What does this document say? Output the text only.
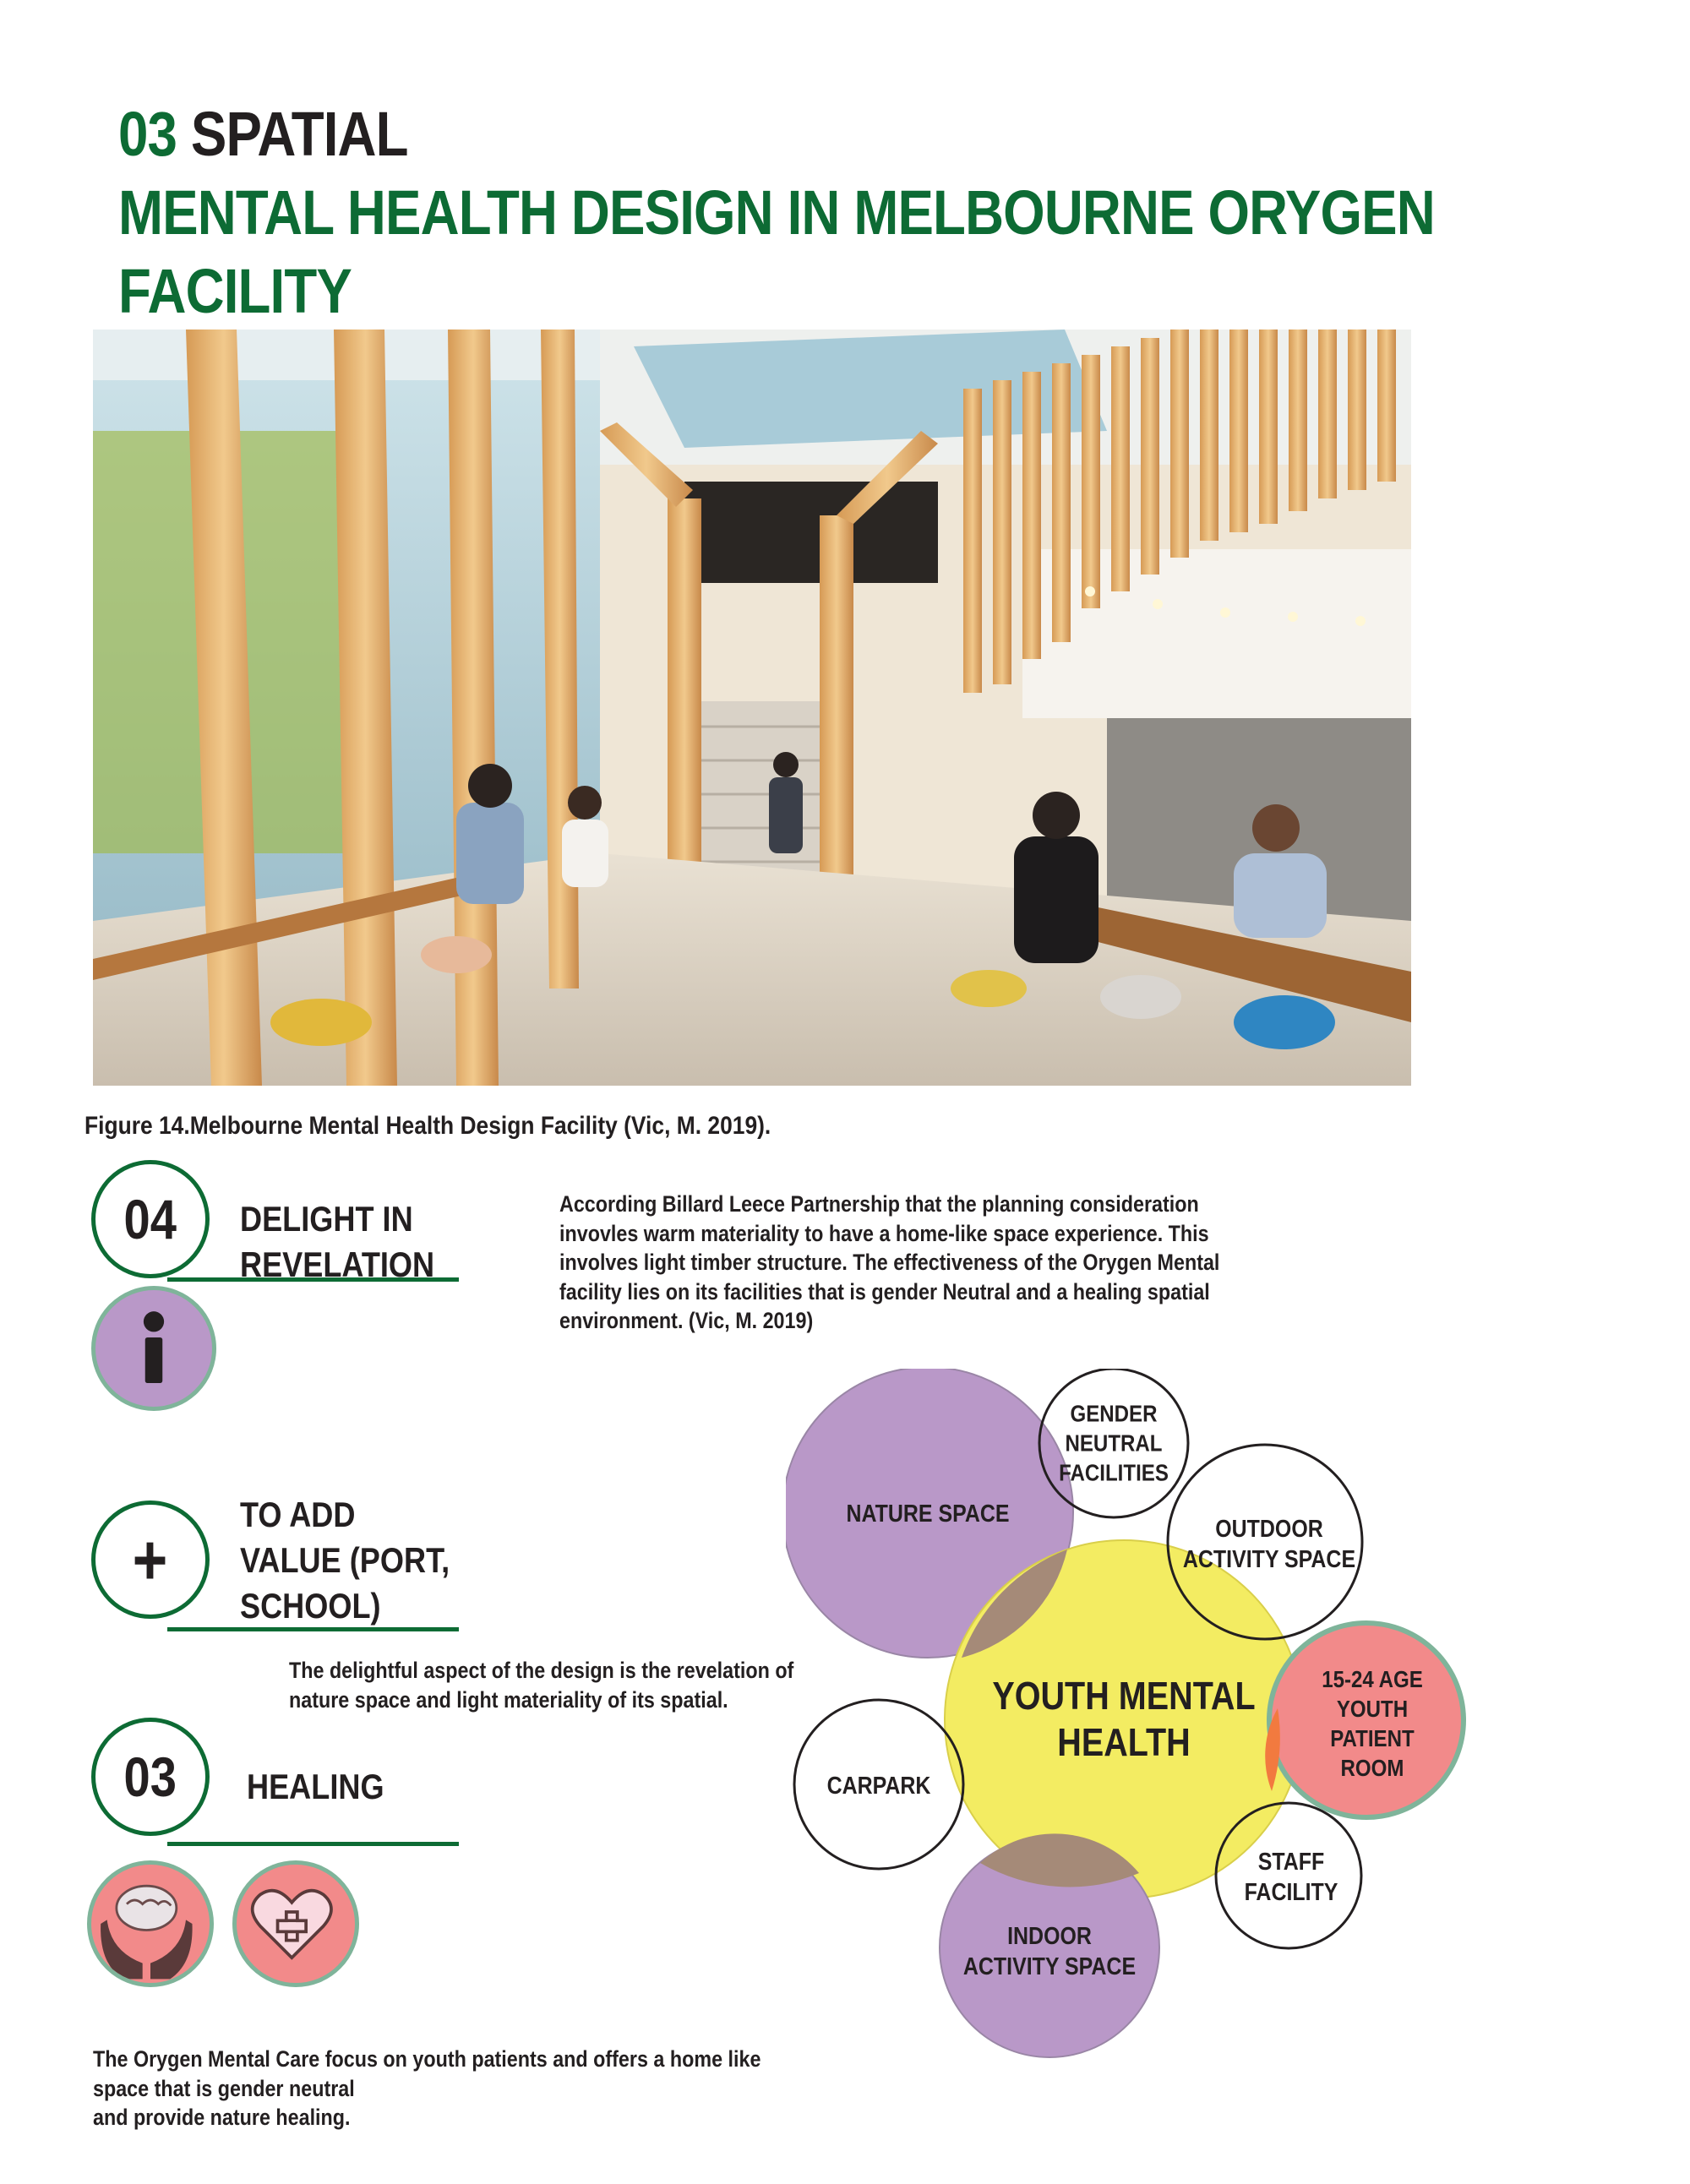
03 SPATIAL
MENTAL HEALTH DESIGN IN MELBOURNE ORYGEN
FACILITY
Figure 14.Melbourne Mental Health Design Facility (Vic, M. 2019).
04 DELIGHT IN
REVELATION
According Billard Leece Partnership that the planning consideration invovles warm materiality to have a home-like space experience. This involves light timber structure. The effectiveness of the Orygen Mental facility lies on its facilities that is gender Neutral and a healing spatial environment. (Vic, M. 2019)
+
TO ADD
VALUE (PORT,
SCHOOL)
The delightful aspect of the design is the revelation of nature space and light materiality of its spatial.
03 HEALING
The Orygen Mental Care focus on youth patients and offers a home like space that is gender neutral
and provide nature healing.
NATURE SPACE
GENDER
NEUTRAL
FACILITIES
OUTDOOR
ACTIVITY SPACE
YOUTH MENTAL
HEALTH
15-24 AGE
YOUTH PATIENT
ROOM
CARPARK
STAFF
FACILITY
INDOOR
ACTIVITY SPACE
